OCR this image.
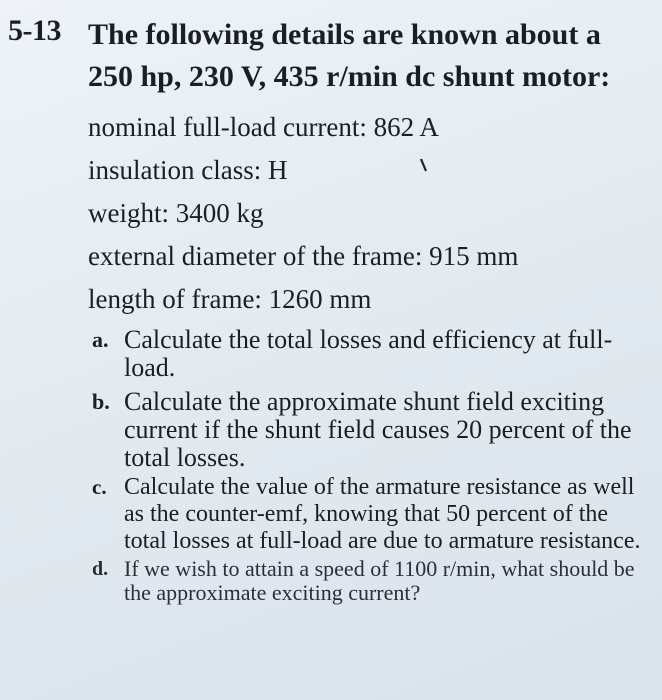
5-13 The following details are known about a
250 hp, 230 V, 435 r/min dc shunt motor:
nominal full-load current: 862 A
insulation class: H
weight: 3400 kg
external diameter of the frame: 915 mm
length of frame: 1260 mm
a. Calculate the total losses and efficiency at full-load.
b. Calculate the approximate shunt field exciting current if the shunt field causes 20 percent of the total losses.
c. Calculate the value of the armature resistance as well as the counter-emf, knowing that 50 percent of the total losses at full-load are due to armature resistance.
d. If we wish to attain a speed of 1100 r/min, what should be the approximate exciting current?
